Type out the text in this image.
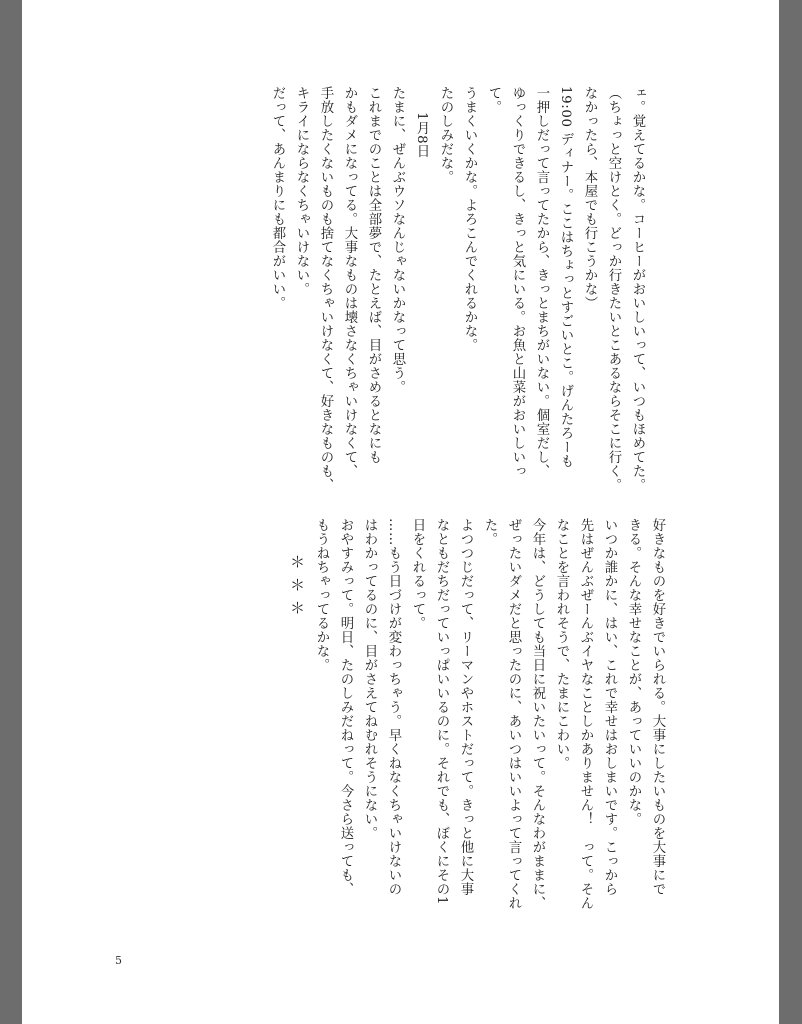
ェ。覚えてるかな。コーヒーがおいしいって、いつもほめてた。
（ちょっと空けとく。どっか行きたいとこあるならそこに行く。
なかったら、本屋でも行こうかな）
19:00 ディナー。ここはちょっとすごいとこ。げんたろーも
一押しだって言ってたから、きっとまちがいない。個室だし、
ゆっくりできるし、きっと気にいる。お魚と山菜がおいしいっ
て。
うまくいくかな。よろこんでくれるかな。
たのしみだな。
1月8日
たまに、ぜんぶウソなんじゃないかなって思う。
これまでのことは全部夢で、たとえば、目がさめるとなにも
かもダメになってる。大事なものは壊さなくちゃいけなくて、
手放したくないものも捨てなくちゃいけなくて、好きなものも、
キライにならなくちゃいけない。
だって、あんまりにも都合がいい。
好きなものを好きでいられる。大事にしたいものを大事にで
きる。そんな幸せなことが、あっていいのかな。
いつか誰かに、はい、これで幸せはおしまいです。こっから
先はぜんぶぜーんぶイヤなことしかありません！　って。そん
なことを言われそうで、たまにこわい。
今年は、どうしても当日に祝いたいって。そんなわがままに、
ぜったいダメだと思ったのに、あいつはいいよって言ってくれ
た。
よつつじだって、リーマンやホストだって。きっと他に大事
なともだちだっていっぱいいるのに。それでも、ぼくにその1
日をくれるって。
……もう日づけが変わっちゃう。早くねなくちゃいけないの
はわかってるのに、目がさえてねむれそうにない。
おやすみって。明日、たのしみだねって。今さら送っても、
もうねちゃってるかな。
＊＊＊
5
